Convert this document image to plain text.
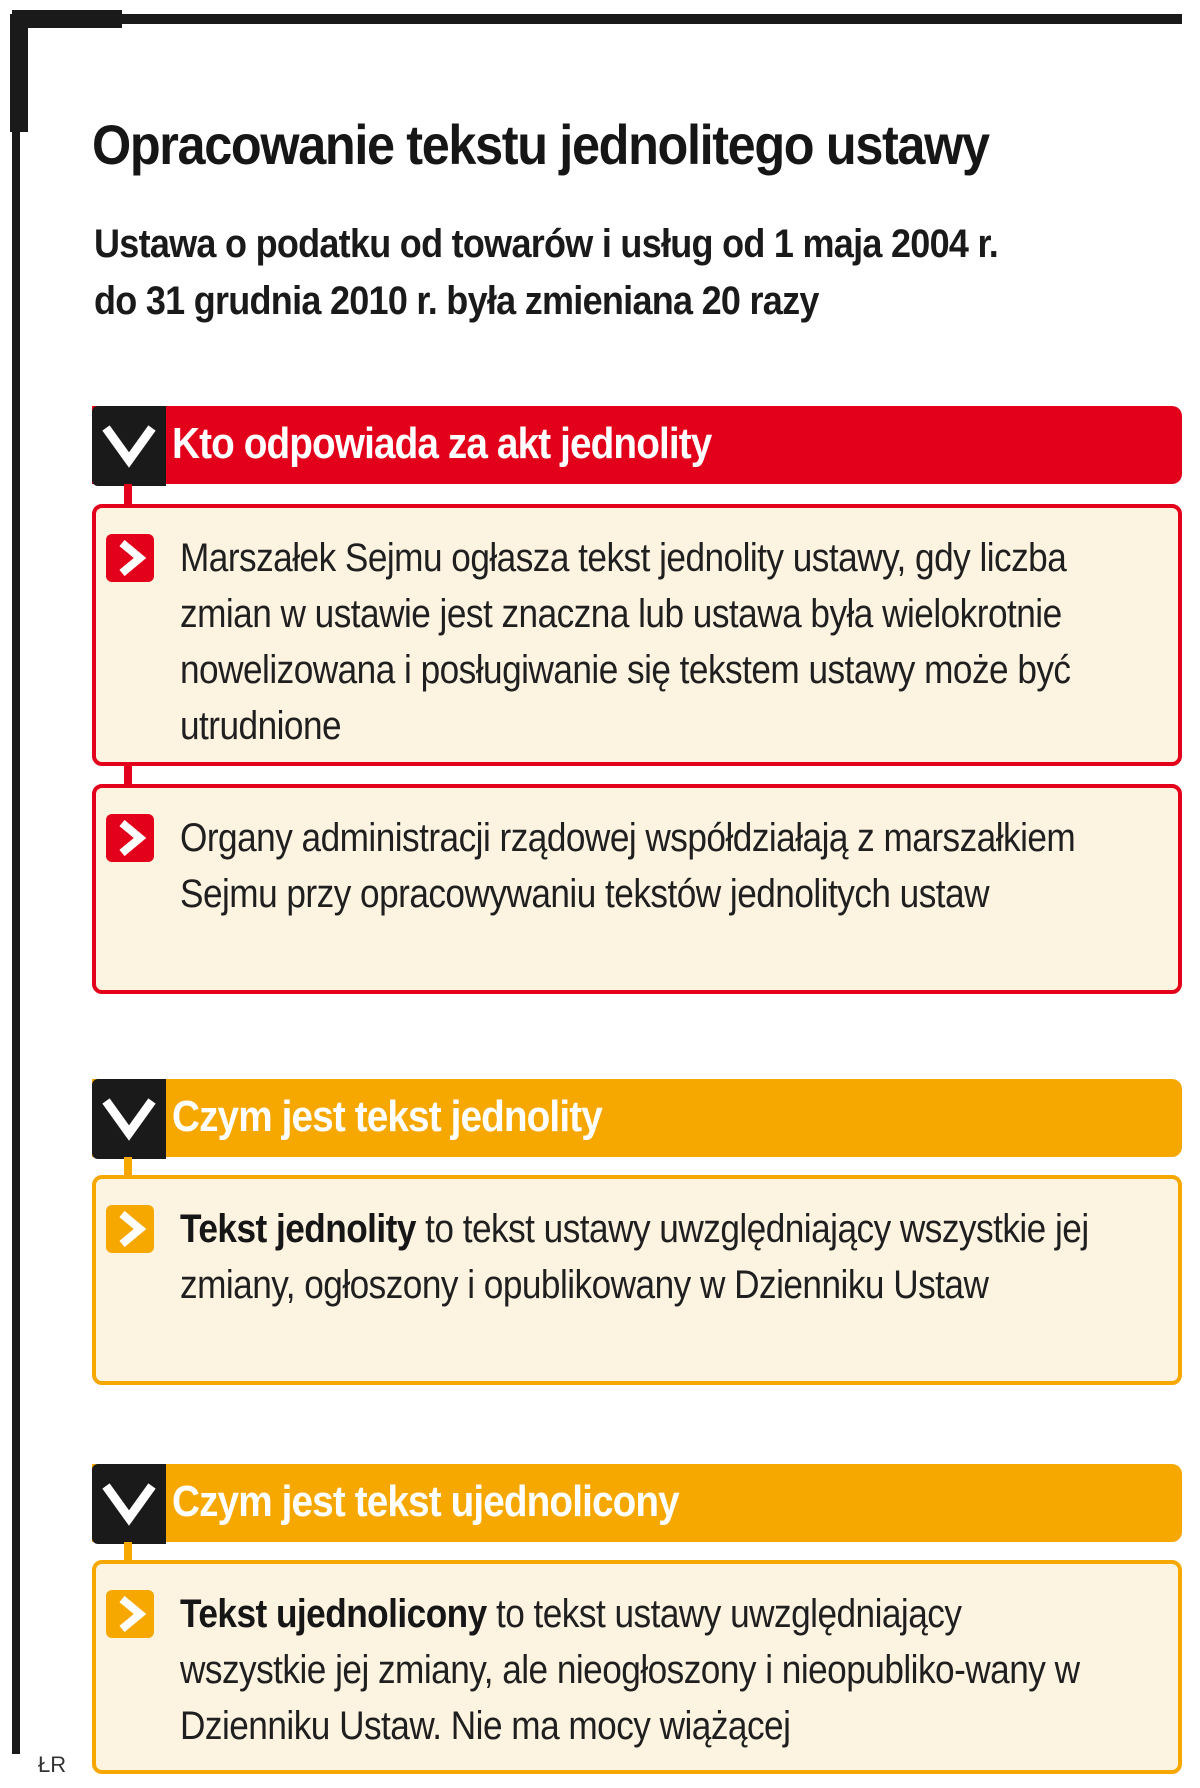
Opracowanie tekstu jednolitego ustawy

Ustawa o podatku od towarów i usług od 1 maja 2004 r.
do 31 grudnia 2010 r. była zmieniana 20 razy

Kto odpowiada za akt jednolity

Marszałek Sejmu ogłasza tekst jednolity ustawy, gdy liczba zmian w ustawie jest znaczna lub ustawa była wielokrotnie nowelizowana i posługiwanie się tekstem ustawy może być utrudnione

Organy administracji rządowej współdziałają z marszałkiem Sejmu przy opracowywaniu tekstów jednolitych ustaw

Czym jest tekst jednolity

Tekst jednolity to tekst ustawy uwzględniający wszystkie jej zmiany, ogłoszony i opublikowany w Dzienniku Ustaw

Czym jest tekst ujednolicony

Tekst ujednolicony to tekst ustawy uwzględniający wszystkie jej zmiany, ale nieogłoszony i nieopubliko-wany w Dzienniku Ustaw. Nie ma mocy wiążącej

ŁR
